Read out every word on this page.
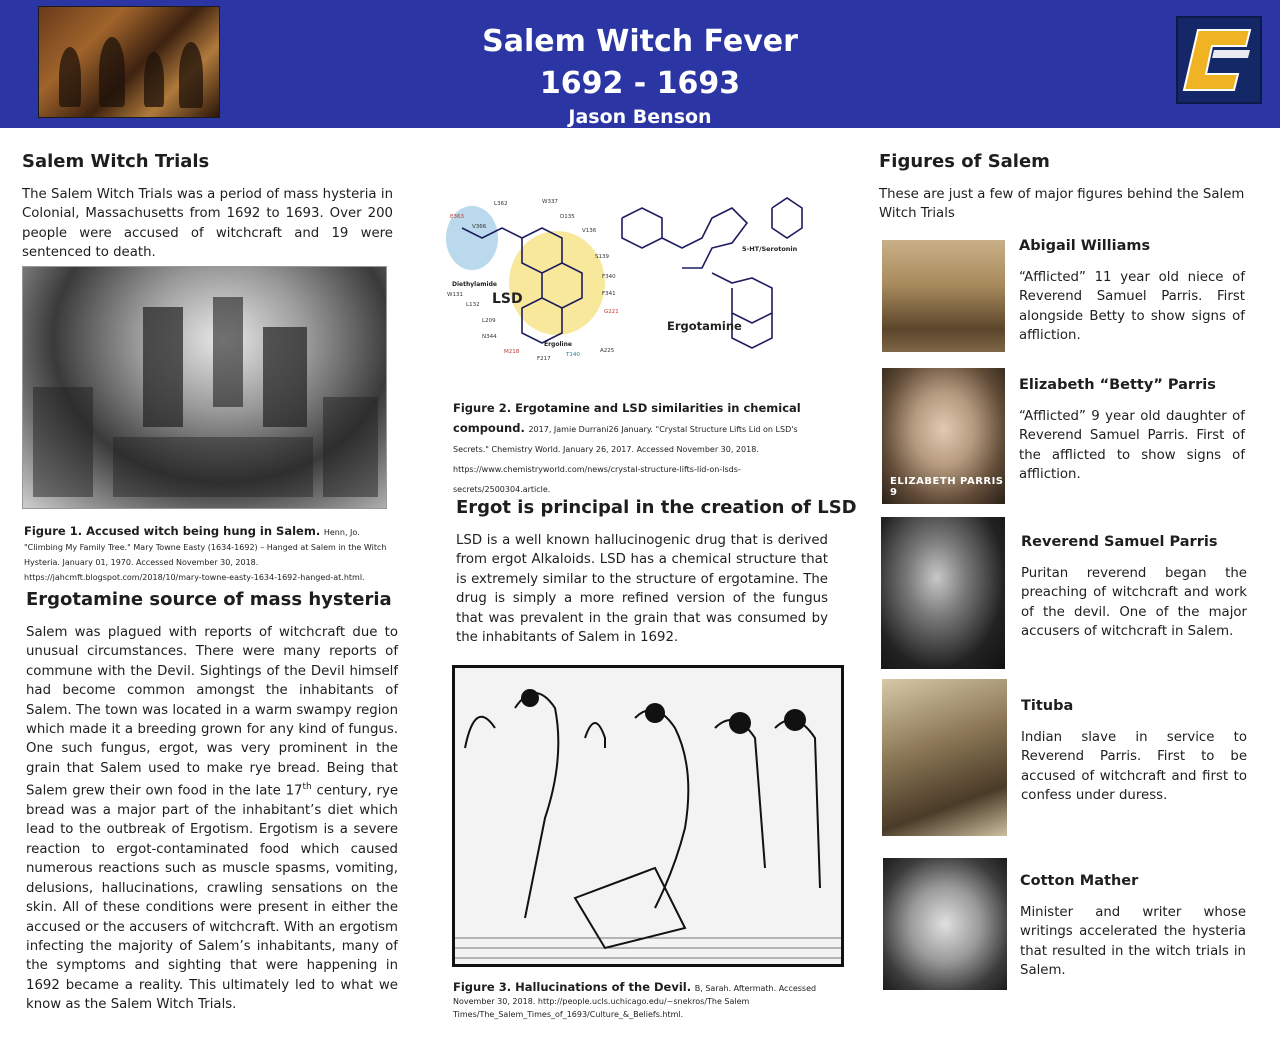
Salem Witch Fever
1692 - 1693
Jason Benson
Salem Witch Trials
The Salem Witch Trials was a period of mass hysteria in Colonial, Massachusetts from 1692 to 1693. Over 200 people were accused of witchcraft and 19 were sentenced to death.
Figure 1. Accused witch being hung in Salem. Henn, Jo. "Climbing My Family Tree." Mary Towne Easty (1634-1692) – Hanged at Salem in the Witch Hysteria. January 01, 1970. Accessed November 30, 2018. https://jahcmft.blogspot.com/2018/10/mary-towne-easty-1634-1692-hanged-at.html.
Ergotamine source of mass hysteria
Salem was plagued with reports of witchcraft due to unusual circumstances. There were many reports of commune with the Devil. Sightings of the Devil himself had become common amongst the inhabitants of Salem. The town was located in a warm swampy region which made it a breeding grown for any kind of fungus. One such fungus, ergot, was very prominent in the grain that Salem used to make rye bread. Being that Salem grew their own food in the late 17th century, rye bread was a major part of the inhabitant’s diet which lead to the outbreak of Ergotism. Ergotism is a severe reaction to ergot-contaminated food which caused numerous reactions such as muscle spasms, vomiting, delusions, hallucinations, crawling sensations on the skin. All of these conditions were present in either the accused or the accusers of witchcraft. With an ergotism infecting the majority of Salem’s inhabitants, many of the symptoms and sighting that were happening in 1692 became a reality. This ultimately led to what we know as the Salem Witch Trials.
LSD
Ergotamine
5-HT/Serotonin
Diethylamide
Ergoline
E363
L362	W337
V366
D135
V136
S139
F340
F341
W131
L132
L209
N344
M218
F217
T140
A225
G221
Figure 2. Ergotamine and LSD similarities in chemical compound. 2017, Jamie Durrani26 January. "Crystal Structure Lifts Lid on LSD's Secrets." Chemistry World. January 26, 2017. Accessed November 30, 2018. https://www.chemistryworld.com/news/crystal-structure-lifts-lid-on-lsds-secrets/2500304.article.
Ergot is principal in the creation of LSD
LSD is a well known hallucinogenic drug that is derived from ergot Alkaloids. LSD has a chemical structure that is extremely similar to the structure of ergotamine. The drug is simply a more refined version of the fungus that was prevalent in the grain that was consumed by the inhabitants of Salem in 1692.
Figure 3. Hallucinations of the Devil. B, Sarah. Aftermath. Accessed November 30, 2018. http://people.ucls.uchicago.edu/~snekros/The Salem Times/The_Salem_Times_of_1693/Culture_&_Beliefs.html.
Figures of Salem
These are just a few of major figures behind the Salem Witch Trials
Abigail Williams
“Afflicted” 11 year old niece of Reverend Samuel Parris. First alongside Betty to show signs of affliction.
ELIZABETH PARRIS 9
Elizabeth “Betty” Parris
“Afflicted” 9 year old daughter of Reverend Samuel Parris. First of the afflicted to show signs of affliction.
Reverend Samuel Parris
Puritan reverend began the preaching of witchcraft and work of the devil. One of the major accusers of witchcraft in Salem.
Tituba
Indian slave in service to Reverend Parris. First to be accused of witchcraft and first to confess under duress.
Cotton Mather
Minister and writer whose writings accelerated the hysteria that resulted in the witch trials in Salem.
